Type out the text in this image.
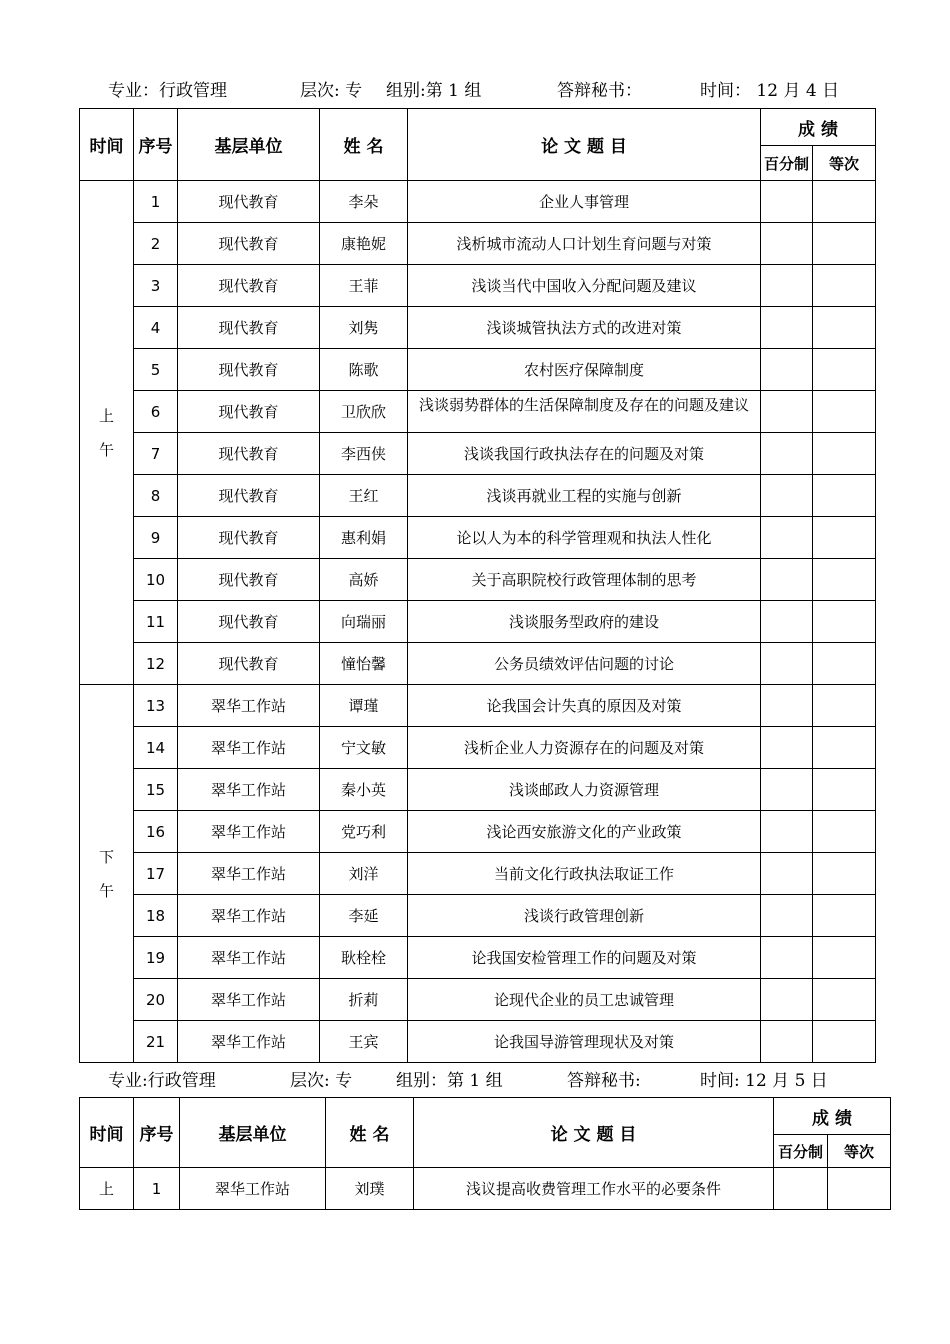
专业：行政管理	层次: 专 组别:第 1 组	答辩秘书：	时间： 12 月 4 日
时间	序号	基层单位	姓 名	论 文 题 目	成 绩	
					百分制	等次
上
午	1	现代教育	李朵	企业人事管理		
	2	现代教育	康艳妮	浅析城市流动人口计划生育问题与对策		
	3	现代教育	王菲	浅谈当代中国收入分配问题及建议		
	4	现代教育	刘隽	浅谈城管执法方式的改进对策		
	5	现代教育	陈歌	农村医疗保障制度		
	6	现代教育	卫欣欣	浅谈弱势群体的生活保障制度及存在的问题及建议		
	7	现代教育	李西侠	浅谈我国行政执法存在的问题及对策		
	8	现代教育	王红	浅谈再就业工程的实施与创新		
	9	现代教育	惠利娟	论以人为本的科学管理观和执法人性化		
	10	现代教育	高娇	关于高职院校行政管理体制的思考		
	11	现代教育	向瑞丽	浅谈服务型政府的建设		
	12	现代教育	憧怡馨	公务员绩效评估问题的讨论		
下
午	13	翠华工作站	谭瑾	论我国会计失真的原因及对策		
	14	翠华工作站	宁文敏	浅析企业人力资源存在的问题及对策		
	15	翠华工作站	秦小英	浅谈邮政人力资源管理		
	16	翠华工作站	党巧利	浅论西安旅游文化的产业政策		
	17	翠华工作站	刘洋	当前文化行政执法取证工作		
	18	翠华工作站	李延	浅谈行政管理创新		
	19	翠华工作站	耿栓栓	论我国安检管理工作的问题及对策		
	20	翠华工作站	折莉	论现代企业的员工忠诚管理		
	21	翠华工作站	王宾	论我国导游管理现状及对策		
专业:行政管理	层次: 专	组别：第 1 组	答辩秘书:	时间: 12 月 5 日
时间	序号	基层单位	姓 名	论 文 题 目	成 绩	
					百分制	等次
上	1	翠华工作站	刘璞	浅议提高收费管理工作水平的必要条件		
